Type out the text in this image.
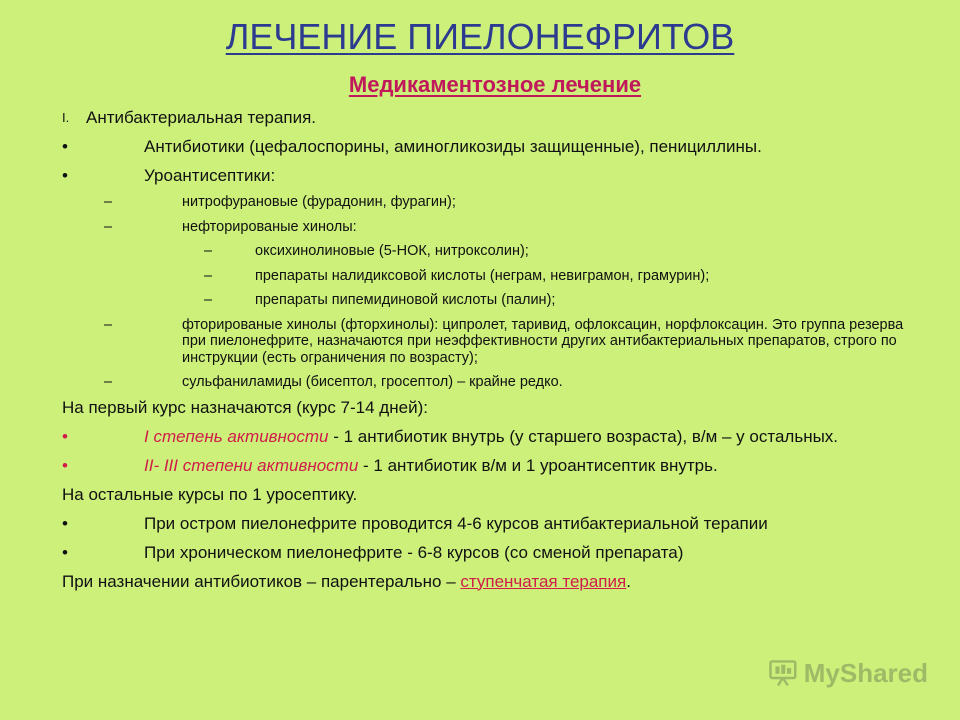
ЛЕЧЕНИЕ ПИЕЛОНЕФРИТОВ
Медикаментозное лечение
I. Антибактериальная терапия.
•	Антибиотики (цефалоспорины, аминогликозиды защищенные), пенициллины.
•	Уроантисептики:
–	нитрофурановые (фурадонин, фурагин);
–	нефторированые хинолы:
–	оксихинолиновые (5-НОК, нитроксолин);
–	препараты налидиксовой кислоты (неграм, невиграмон, грамурин);
–	препараты пипемидиновой кислоты (палин);
–	фторированые хинолы (фторхинолы): ципролет, таривид, офлоксацин, норфлоксацин. Это группа резерва при пиелонефрите, назначаются при неэффективности других антибактериальных препаратов, строго по инструкции (есть ограничения по возрасту);
–	сульфаниламиды (бисептол, гросептол) – крайне редко.
На первый курс назначаются (курс 7-14 дней):
•	I степень активности - 1 антибиотик внутрь (у старшего возраста), в/м – у остальных.
•	II- III степени активности - 1 антибиотик в/м и 1 уроантисептик внутрь.
На остальные курсы по 1 уросептику.
•	При остром пиелонефрите проводится 4-6 курсов антибактериальной терапии
•	При хроническом пиелонефрите - 6-8 курсов (со сменой препарата)
При назначении антибиотиков – парентерально – ступенчатая терапия.
MyShared
